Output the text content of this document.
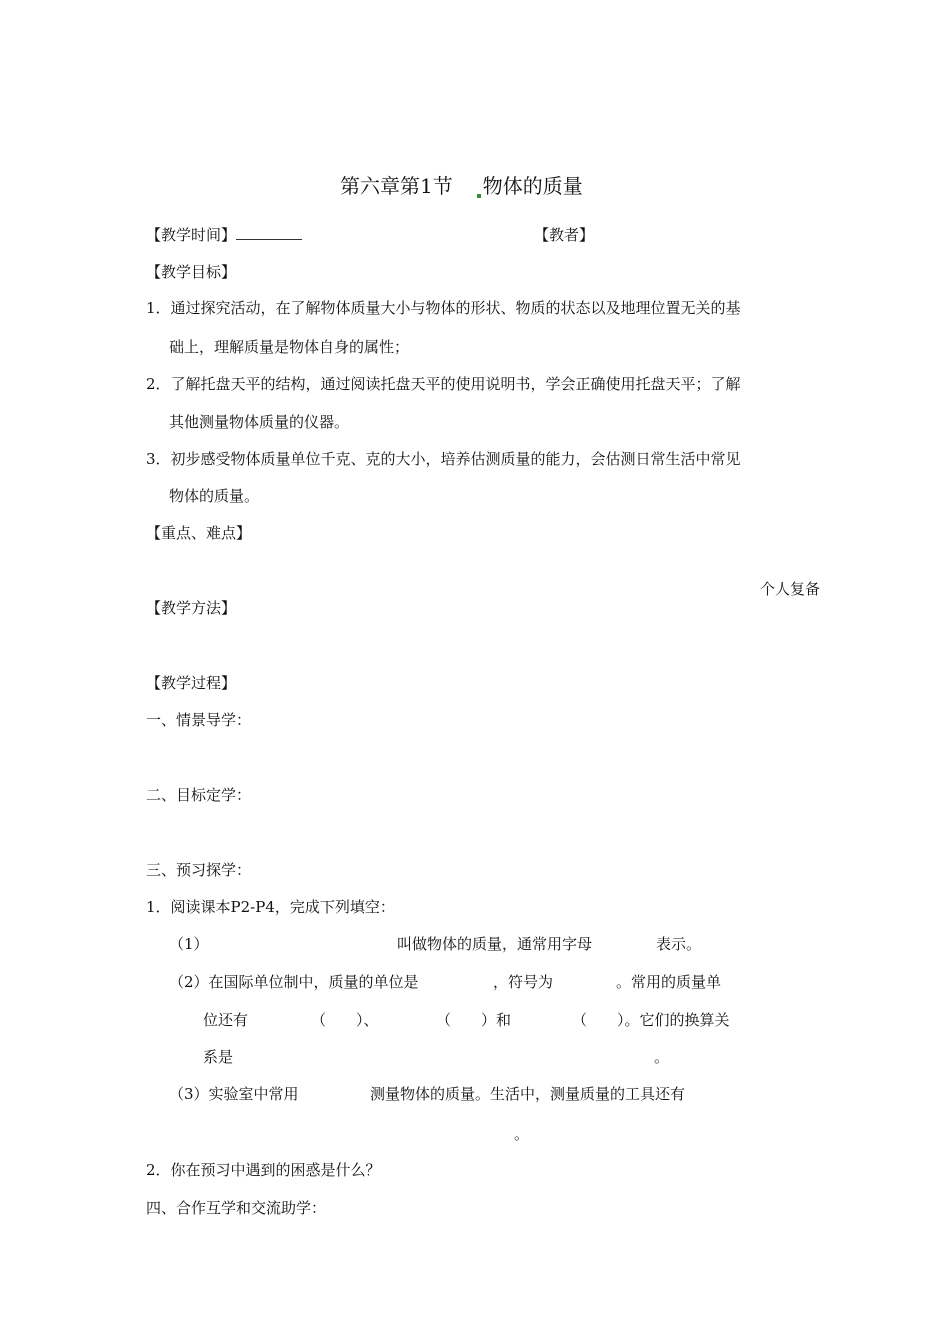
第六章第1节 物体的质量
【教学时间】	【教者】
【教学目标】
1．通过探究活动，在了解物体质量大小与物体的形状、物质的状态以及地理位置无关的基
础上，理解质量是物体自身的属性；
2．了解托盘天平的结构，通过阅读托盘天平的使用说明书，学会正确使用托盘天平；了解
其他测量物体质量的仪器。
3．初步感受物体质量单位千克、克的大小，培养估测质量的能力，会估测日常生活中常见
物体的质量。
【重点、难点】
个人复备
【教学方法】
【教学过程】
一、情景导学：
二、目标定学：
三、预习探学：
1．阅读课本P2-P4，完成下列填空：
（1）	叫做物体的质量，通常用字母	表示。
（2）在国际单位制中，质量的单位是	，符号为	。常用的质量单
位还有	（　　）、	（　　）和	（　　）。它们的换算关
系是	。
（3）实验室中常用	测量物体的质量。生活中，测量质量的工具还有
。
2．你在预习中遇到的困惑是什么？
四、合作互学和交流助学：
